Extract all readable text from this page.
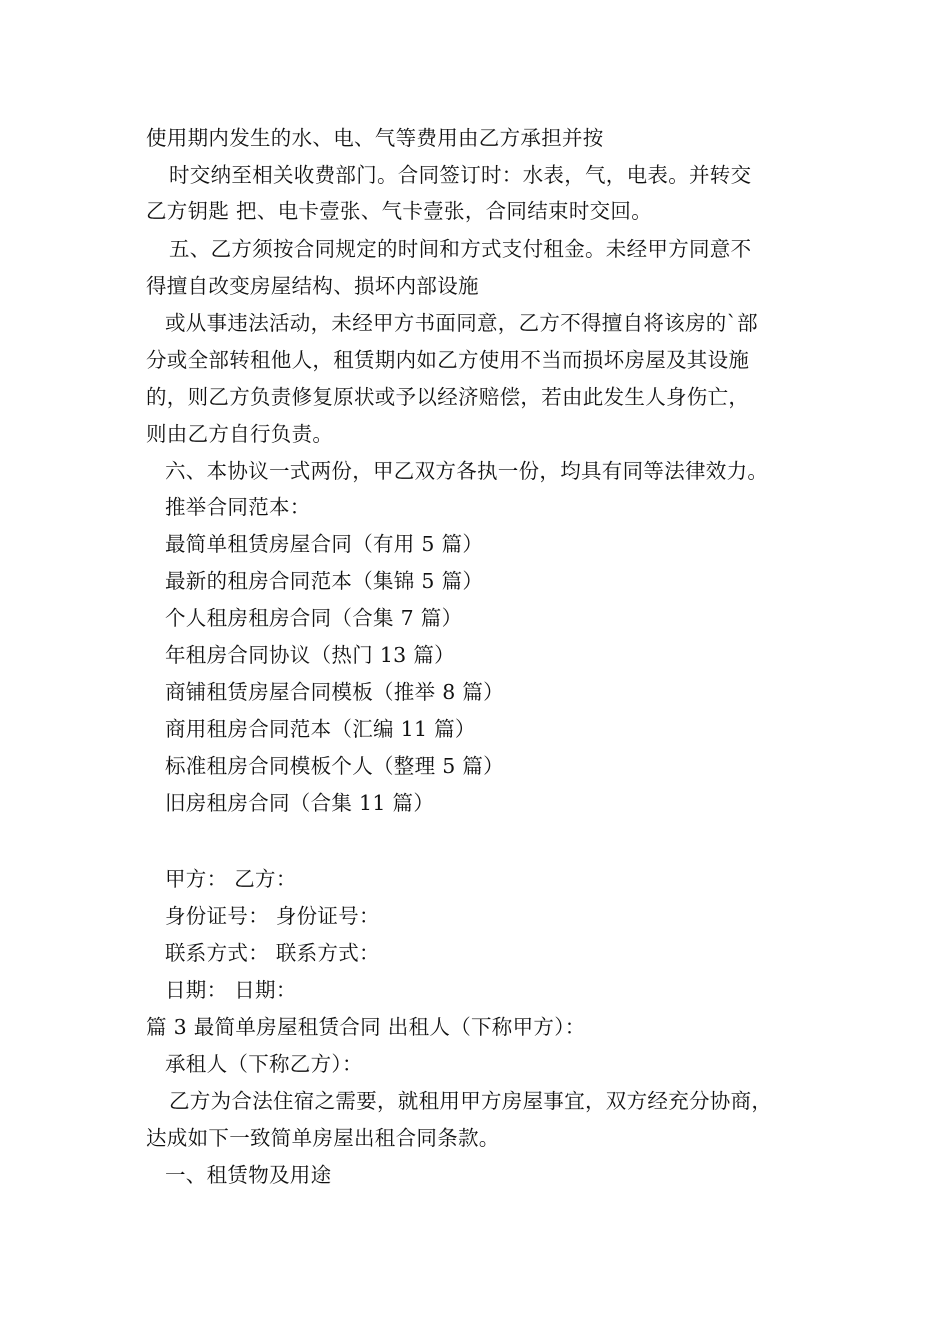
使用期内发生的水、电、气等费用由乙方承担并按
时交纳至相关收费部门。合同签订时：水表，气，电表。并转交
乙方钥匙 把、电卡壹张、气卡壹张，合同结束时交回。
五、乙方须按合同规定的时间和方式支付租金。未经甲方同意不
得擅自改变房屋结构、损坏内部设施
或从事违法活动，未经甲方书面同意，乙方不得擅自将该房的`部
分或全部转租他人，租赁期内如乙方使用不当而损坏房屋及其设施
的，则乙方负责修复原状或予以经济赔偿，若由此发生人身伤亡，
则由乙方自行负责。
六、本协议一式两份，甲乙双方各执一份，均具有同等法律效力。
推举合同范本：
最简单租赁房屋合同（有用 5 篇）
最新的租房合同范本（集锦 5 篇）
个人租房租房合同（合集 7 篇）
年租房合同协议（热门 13 篇）
商铺租赁房屋合同模板（推举 8 篇）
商用租房合同范本（汇编 11 篇）
标准租房合同模板个人（整理 5 篇）
旧房租房合同（合集 11 篇）
甲方： 乙方：
身份证号： 身份证号：
联系方式： 联系方式：
日期： 日期：
篇 3 最简单房屋租赁合同 出租人（下称甲方）：
承租人（下称乙方）：
乙方为合法住宿之需要，就租用甲方房屋事宜，双方经充分协商，
达成如下一致简单房屋出租合同条款。
一、租赁物及用途
